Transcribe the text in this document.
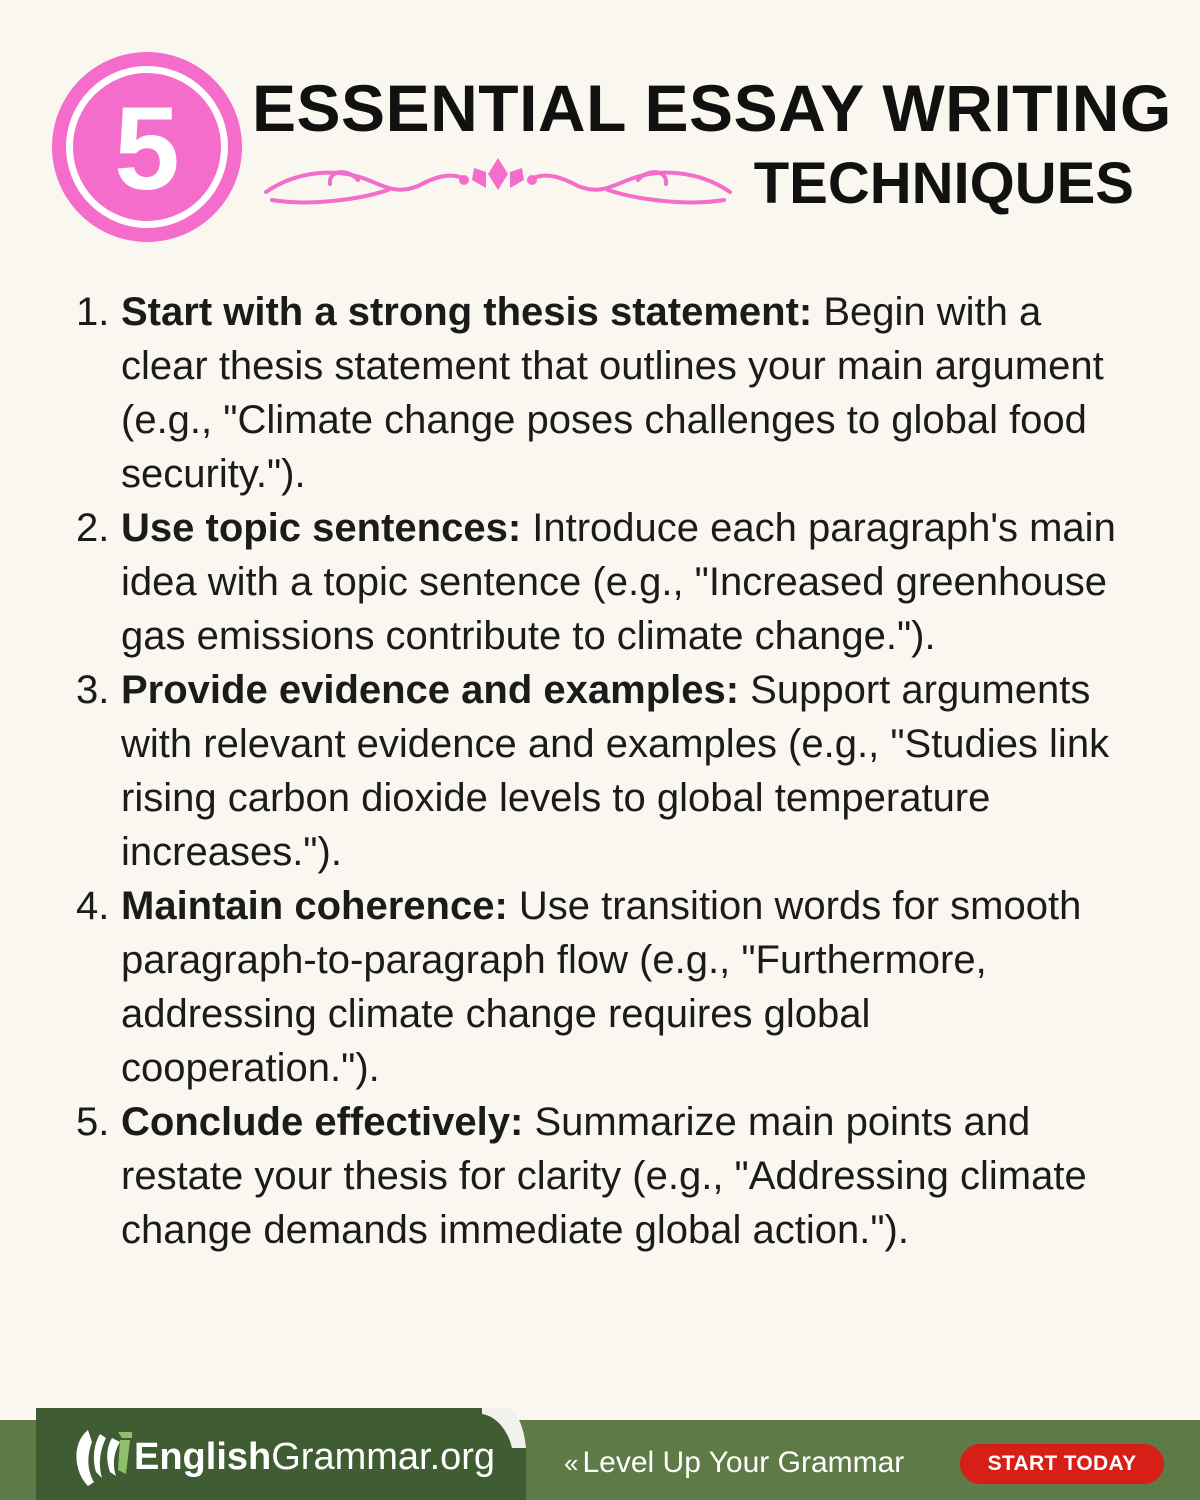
5 ESSENTIAL ESSAY WRITING
TECHNIQUES
1. Start with a strong thesis statement: Begin with a clear thesis statement that outlines your main argument (e.g., "Climate change poses challenges to global food security.").
2. Use topic sentences: Introduce each paragraph's main idea with a topic sentence (e.g., "Increased greenhouse gas emissions contribute to climate change.").
3. Provide evidence and examples: Support arguments with relevant evidence and examples (e.g., "Studies link rising carbon dioxide levels to global temperature increases.").
4. Maintain coherence: Use transition words for smooth paragraph-to-paragraph flow (e.g., "Furthermore, addressing climate change requires global cooperation.").
5. Conclude effectively: Summarize main points and restate your thesis for clarity (e.g., "Addressing climate change demands immediate global action.").
EnglishGrammar.org	« Level Up Your Grammar	START TODAY
